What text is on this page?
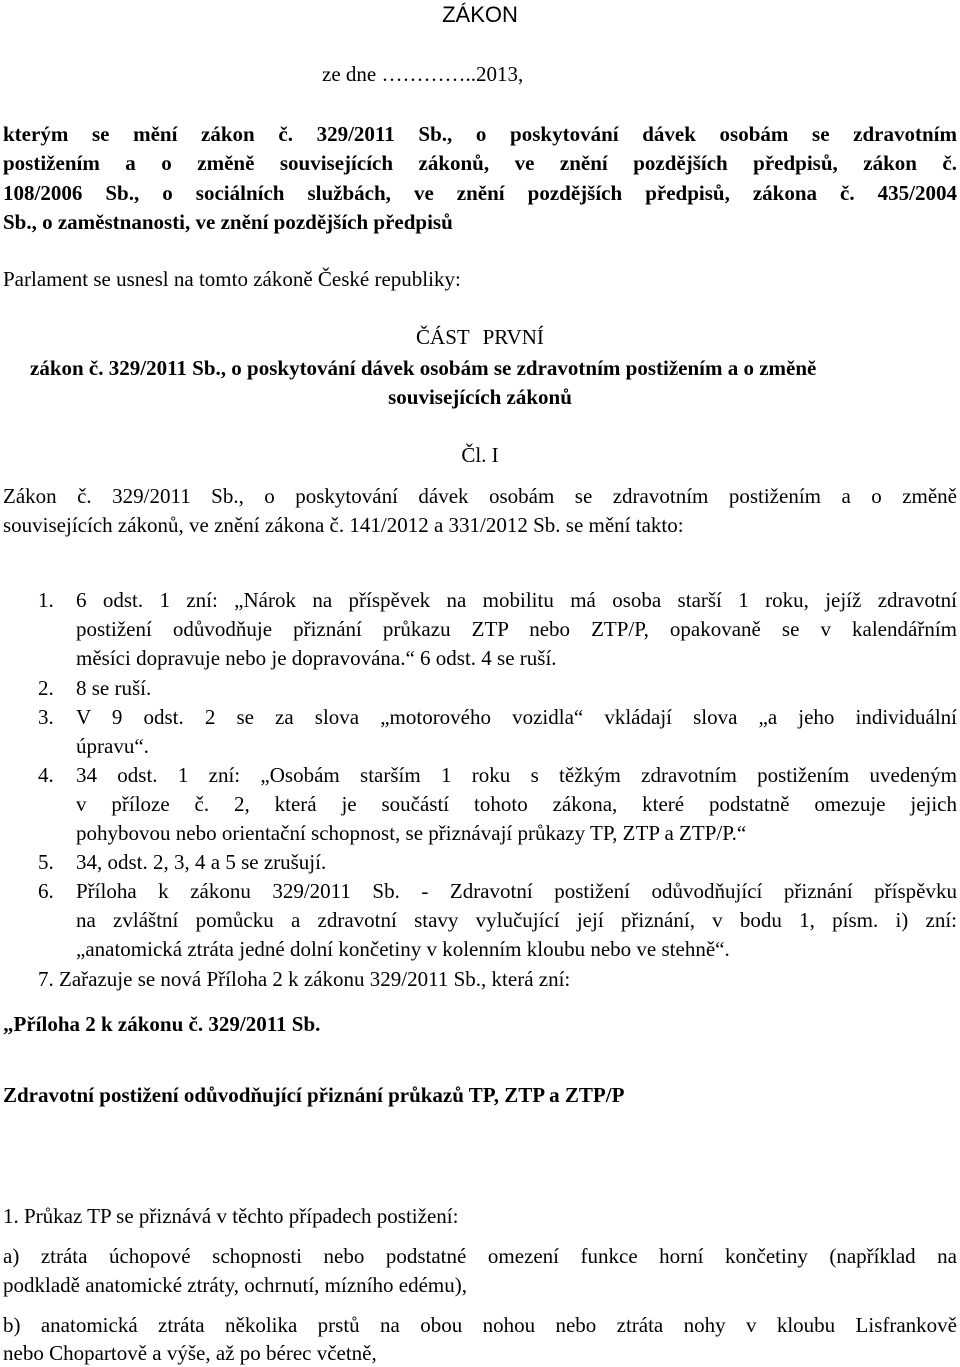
ZÁKON
ze dne …………..2013,
kterým se mění zákon č. 329/2011 Sb., o poskytování dávek osobám se zdravotním
postižením a o změně souvisejících zákonů, ve znění pozdějších předpisů, zákon č.
108/2006 Sb., o sociálních službách, ve znění pozdějších předpisů, zákona č. 435/2004
Sb., o zaměstnanosti, ve znění pozdějších předpisů
Parlament se usnesl na tomto zákoně České republiky:
ČÁST PRVNÍ
zákon č. 329/2011 Sb., o poskytování dávek osobám se zdravotním postižením a o změně
souvisejících zákonů
Čl. I
Zákon č. 329/2011 Sb., o poskytování dávek osobám se zdravotním postižením a o změně
souvisejících zákonů, ve znění zákona č. 141/2012 a 331/2012 Sb. se mění takto:
1. 6 odst. 1 zní: „Nárok na příspěvek na mobilitu má osoba starší 1 roku, jejíž zdravotní
postižení odůvodňuje přiznání průkazu ZTP nebo ZTP/P, opakovaně se v kalendářním
měsíci dopravuje nebo je dopravována.“ 6 odst. 4 se ruší.
2. 8 se ruší.
3. V 9 odst. 2 se za slova „motorového vozidla“ vkládají slova „a jeho individuální
úpravu“.
4. 34 odst. 1 zní: „Osobám starším 1 roku s těžkým zdravotním postižením uvedeným
v příloze č. 2, která je součástí tohoto zákona, které podstatně omezuje jejich
pohybovou nebo orientační schopnost, se přiznávají průkazy TP, ZTP a ZTP/P.“
5. 34, odst. 2, 3, 4 a 5 se zrušují.
6. Příloha k zákonu 329/2011 Sb. - Zdravotní postižení odůvodňující přiznání příspěvku
na zvláštní pomůcku a zdravotní stavy vylučující její přiznání, v bodu 1, písm. i) zní:
„anatomická ztráta jedné dolní končetiny v kolenním kloubu nebo ve stehně“.
7. Zařazuje se nová Příloha 2 k zákonu 329/2011 Sb., která zní:
„Příloha 2 k zákonu č. 329/2011 Sb.
Zdravotní postižení odůvodňující přiznání průkazů TP, ZTP a ZTP/P
1. Průkaz TP se přiznává v těchto případech postižení:
a) ztráta úchopové schopnosti nebo podstatné omezení funkce horní končetiny (například na
podkladě anatomické ztráty, ochrnutí, mízního edému),
b) anatomická ztráta několika prstů na obou nohou nebo ztráta nohy v kloubu Lisfrankově
nebo Chopartově a výše, až po bérec včetně,
